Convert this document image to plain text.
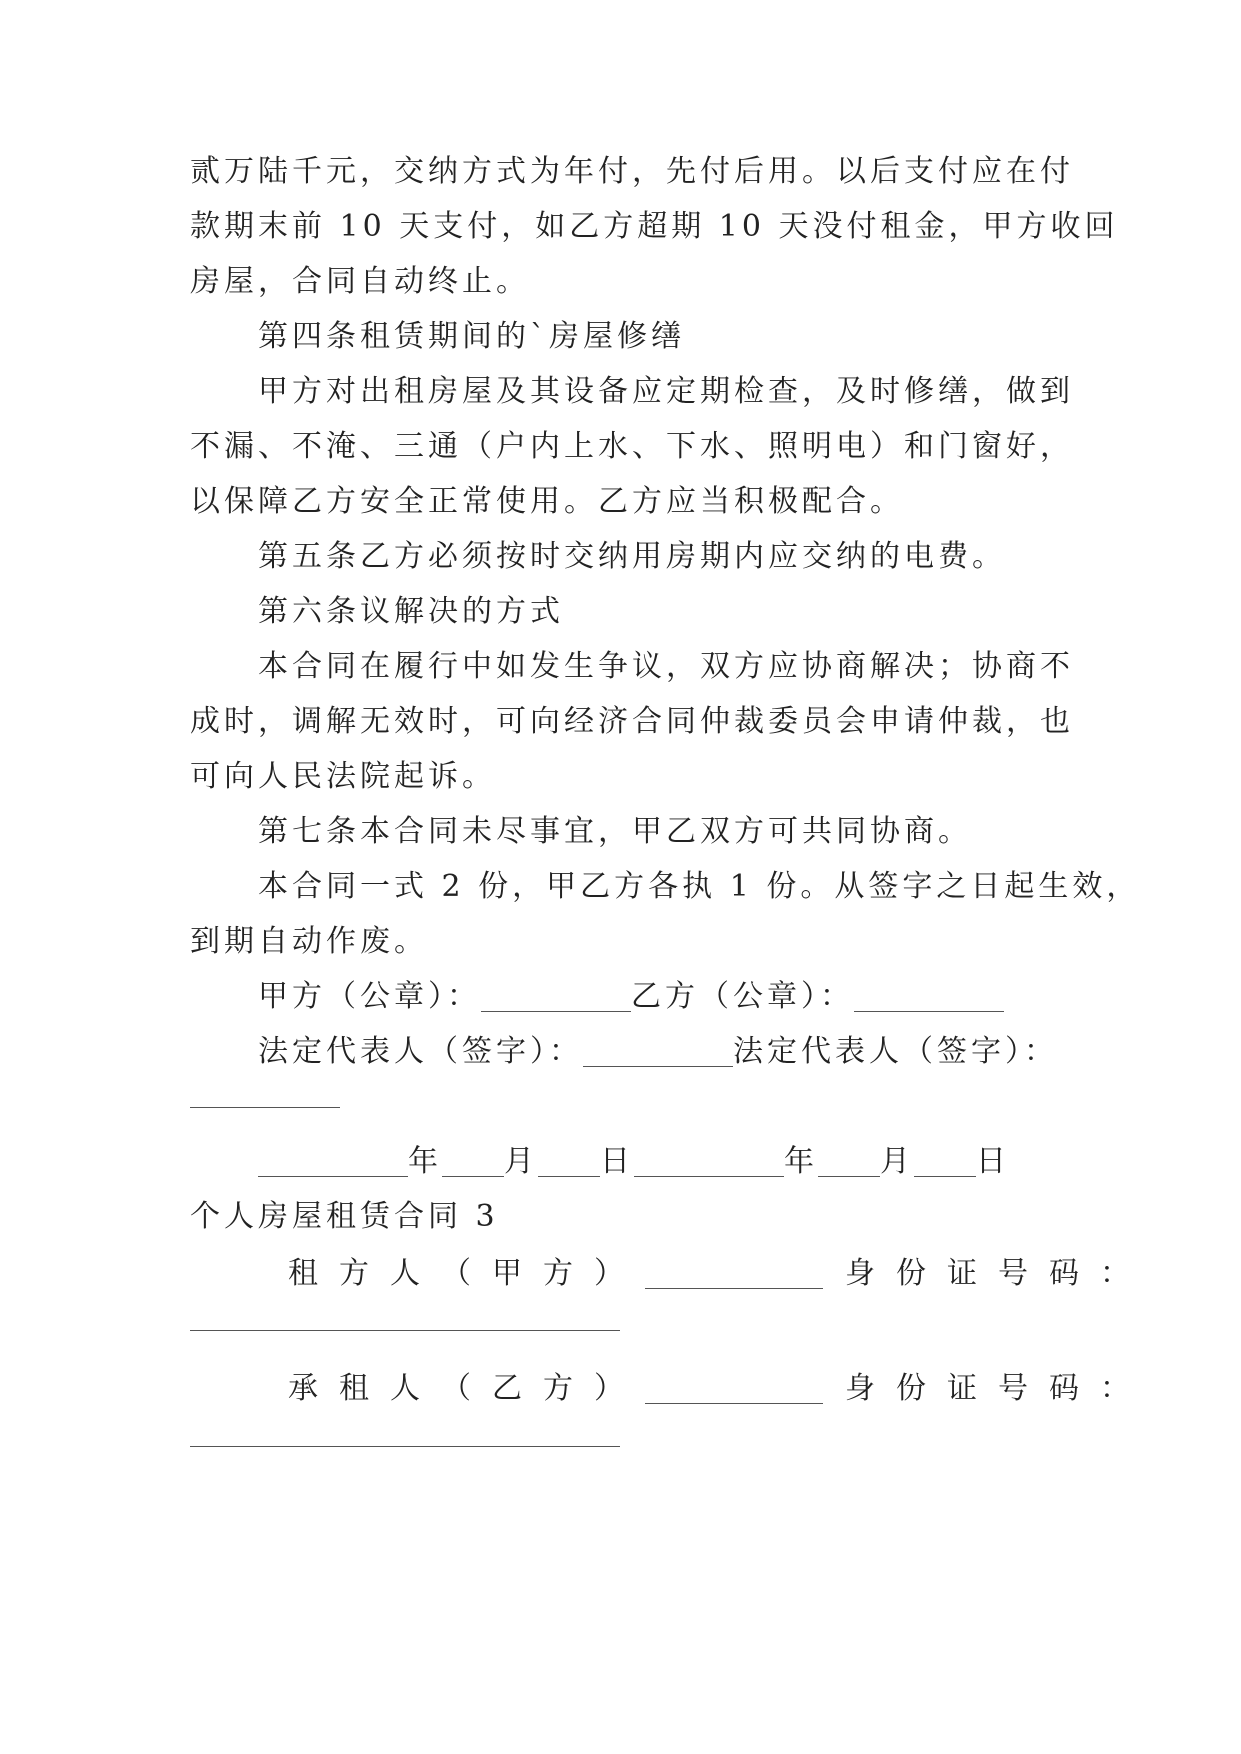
贰万陆千元，交纳方式为年付，先付后用。以后支付应在付
款期末前 10 天支付，如乙方超期 10 天没付租金，甲方收回
房屋，合同自动终止。
第四条租赁期间的`房屋修缮
甲方对出租房屋及其设备应定期检查，及时修缮，做到
不漏、不淹、三通（户内上水、下水、照明电）和门窗好，
以保障乙方安全正常使用。乙方应当积极配合。
第五条乙方必须按时交纳用房期内应交纳的电费。
第六条议解决的方式
本合同在履行中如发生争议，双方应协商解决；协商不
成时，调解无效时，可向经济合同仲裁委员会申请仲裁，也
可向人民法院起诉。
第七条本合同未尽事宜，甲乙双方可共同协商。
本合同一式 2 份，甲乙方各执 1 份。从签字之日起生效，
到期自动作废。
甲方（公章）：	乙方（公章）：
法定代表人（签字）：	法定代表人（签字）：
年 月 日	年 月 日
个人房屋租赁合同 3
租方人（甲方）	身份证号码：
承租人（乙方）	身份证号码：
